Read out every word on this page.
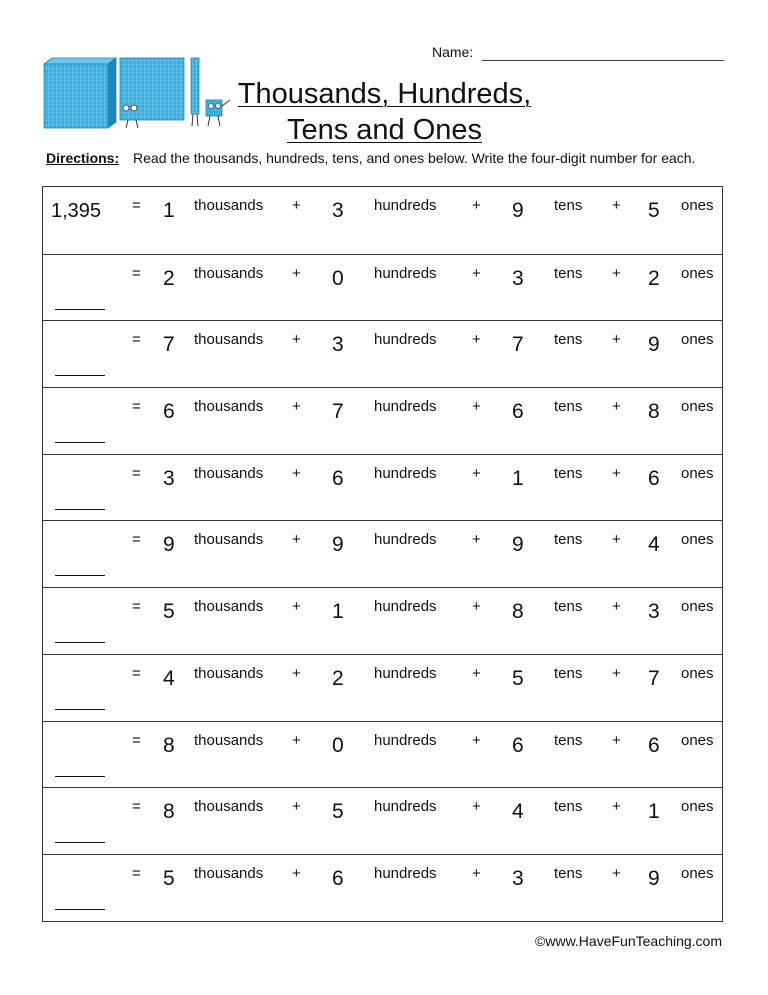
Name:
Thousands, Hundreds,
Tens and Ones
Directions: Read the thousands, hundreds, tens, and ones below. Write the four-digit number for each.
1,395 = 1 thousands + 3 hundreds + 9 tens + 5 ones
= 2 thousands + 0 hundreds + 3 tens + 2 ones
= 7 thousands + 3 hundreds + 7 tens + 9 ones
= 6 thousands + 7 hundreds + 6 tens + 8 ones
= 3 thousands + 6 hundreds + 1 tens + 6 ones
= 9 thousands + 9 hundreds + 9 tens + 4 ones
= 5 thousands + 1 hundreds + 8 tens + 3 ones
= 4 thousands + 2 hundreds + 5 tens + 7 ones
= 8 thousands + 0 hundreds + 6 tens + 6 ones
= 8 thousands + 5 hundreds + 4 tens + 1 ones
= 5 thousands + 6 hundreds + 3 tens + 9 ones
©www.HaveFunTeaching.com
